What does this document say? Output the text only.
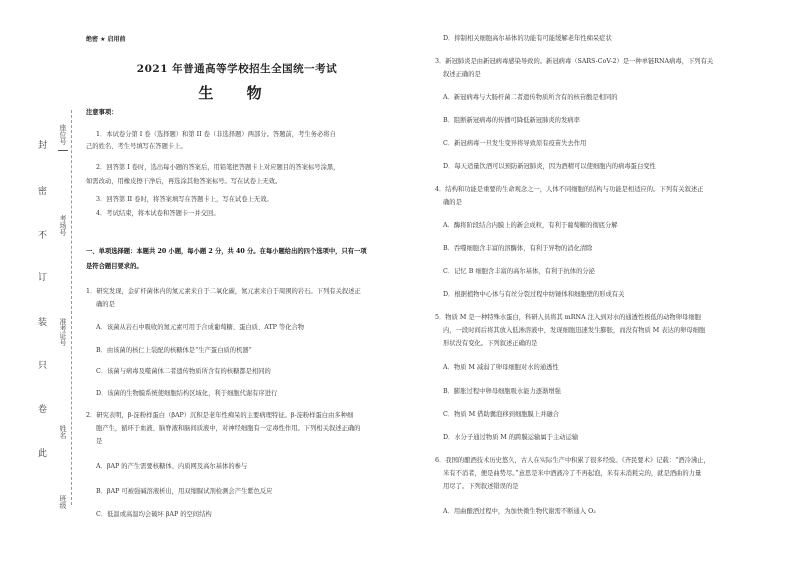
封
密
不
订
装
只
卷
此
座位号
考场号
准考证号
姓名
班级
绝密 ★ 启用前
2021 年普通高等学校招生全国统一考试
生 物
注意事项：
1．本试卷分第 I 卷（选择题）和第 II 卷（非选择题）两部分。答题前，考生务必将自
己的姓名、考生号填写在答题卡上。
2．回答第 I 卷时，选出每小题的答案后，用铅笔把答题卡上对应题目的答案标号涂黑，
如需改动，用橡皮擦干净后，再选涂其他答案标号。写在试卷上无效。
3．回答第 II 卷时，将答案填写在答题卡上，写在试卷上无效。
4．考试结束，将本试卷和答题卡一并交回。
一、单项选择题：本题共 20 小题，每小题 2 分，共 40 分。在每小题给出的四个选项中，只有一项
是符合题目要求的。
1．研究发现，金矿杆菌体内的氮元素来自于二氧化碳，氮元素来自于周围的岩石。下列有关叙述正
确的是
A．该菌从岩石中吸收的氮元素可用于合成葡萄糖、蛋白质、ATP 等化合物
B．由该菌的核仁上装配的核糖体是“生产蛋白质的机器”
C．该菌与病毒及噬菌体二者遗传物质所含有的核糖都是相同的
D．该菌的生物膜系统使细胞结构区域化，利于细胞代谢有序进行
2．研究表明，β-淀粉样蛋白（βAP）沉积是老年性痴呆的主要病理特征。β-淀粉样蛋白由多种细
胞产生，循环于血液、脑脊液和脑间质液中，对神经细胞有一定毒性作用。下列相关叙述正确的
是
A．βAP 的产生需要核糖体、内质网及高尔基体的参与
B．βAP 可被强碱溶液析出，用双缩脲试剂检测会产生紫色反应
C．低温或高温均会破坏 βAP 的空间结构
D．抑制相关细胞高尔基体的功能有可能缓解老年性痴呆症状
3．新冠肺炎是由新冠病毒感染导致的。新冠病毒（SARS-CoV-2）是一种单链RNA病毒，下列有关
叙述正确的是
A．新冠病毒与大肠杆菌二者遗传物质所含有的核苷酸是相同的
B．阻断新冠病毒的传播可降低新冠肺炎的发病率
C．新冠病毒一旦发生变异将导致原有疫苗失去作用
D．每天适量饮酒可以预防新冠肺炎，因为酒精可以使细胞内的病毒蛋白变性
4．结构和功能是重要的生命观念之一，人体不同细胞的结构与功能是相适应的。下列有关叙述正
确的是
A．酶将阶段结合内膜上的新会成粒，有利于葡萄糖的彻底分解
B．吞噬细胞含丰富的溶酶体，有利于异物的消化清除
C．记忆 B 细胞含丰富的高尔基体，有利于抗体的分泌
D．根据植物中心体与有丝分裂过程中纺锤体和细胞壁的形成有关
5．物质 M 是一种特殊水蛋白，科研人员将其 mRNA 注入到对水的通透性极低的动物卵母细胞
内，一段时间后将其放入低渗溶液中，发现细胞迅速发生膨胀，而没有物质 M 表达的卵母细胞
形状没有变化。下列叙述正确的是
A．物质 M 减弱了卵母细胞对水的通透性
B．膨胀过程中卵母细胞吸水能力逐渐增强
C．物质 M 借助囊泡移到细胞膜上并融合
D．水分子通过物质 M 的跨膜运输属于主动运输
6．我国的酿酒技术历史悠久，古人在实际生产中积累了很多经验。《齐民要术》记载：“酒冷沸止，
米有不消者，便是曲势尽。”意思是米中酒液冷了不再起泡，米有未消耗完的，就是酒曲的力量
用尽了。下列叙述错误的是
A．用曲酿酒过程中，为加快微生物代谢需不断通入 O₂
